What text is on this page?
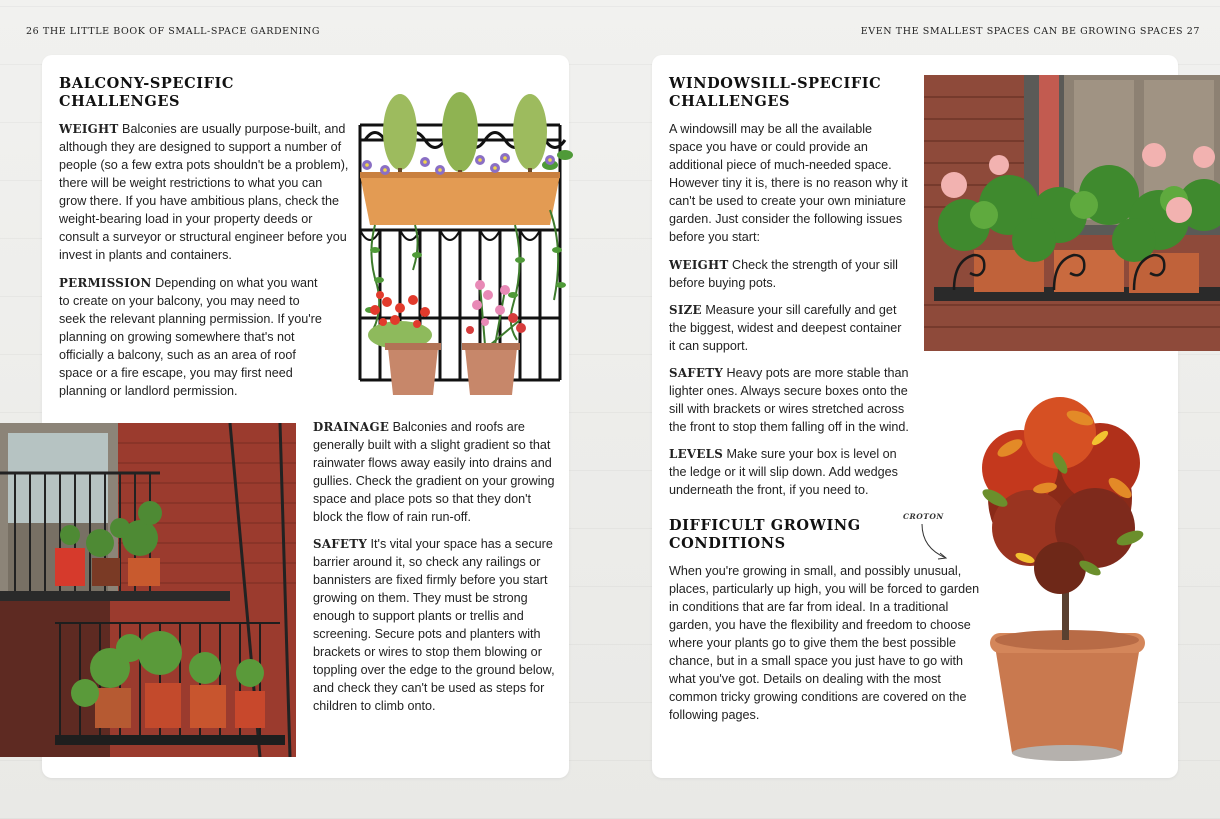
26 THE LITTLE BOOK OF SMALL-SPACE GARDENING	EVEN THE SMALLEST SPACES CAN BE GROWING SPACES 27
BALCONY-SPECIFIC
CHALLENGES

WEIGHT Balconies are usually purpose-built, and although they are designed to support a number of people (so a few extra pots shouldn't be a problem), there will be weight restrictions to what you can grow there. If you have ambitious plans, check the weight-bearing load in your property deeds or consult a surveyor or structural engineer before you invest in plants and containers.

PERMISSION Depending on what you want to create on your balcony, you may need to seek the relevant planning permission. If you're planning on growing somewhere that's not officially a balcony, such as an area of roof space or a fire escape, you may first need planning or landlord permission.

DRAINAGE Balconies and roofs are generally built with a slight gradient so that rainwater flows away easily into drains and gullies. Check the gradient on your growing space and place pots so that they don't block the flow of rain run-off.

SAFETY It's vital your space has a secure barrier around it, so check any railings or bannisters are fixed firmly before you start growing on them. They must be strong enough to support plants or trellis and screening. Secure pots and planters with brackets or wires to stop them blowing or toppling over the edge to the ground below, and check they can't be used as steps for children to climb onto.

WINDOWSILL-SPECIFIC
CHALLENGES
A windowsill may be all the available space you have or could provide an additional piece of much-needed space. However tiny it is, there is no reason why it can't be used to create your own miniature garden. Just consider the following issues before you start:

WEIGHT Check the strength of your sill before buying pots.

SIZE Measure your sill carefully and get the biggest, widest and deepest container it can support.

SAFETY Heavy pots are more stable than lighter ones. Always secure boxes onto the sill with brackets or wires stretched across the front to stop them falling off in the wind.

LEVELS Make sure your box is level on the ledge or it will slip down. Add wedges underneath the front, if you need to.

DIFFICULT GROWING
CONDITIONS
When you're growing in small, and possibly unusual, places, particularly up high, you will be forced to garden in conditions that are far from ideal. In a traditional garden, you have the flexibility and freedom to choose where your plants go to give them the best possible chance, but in a small space you just have to go with what you've got. Details on dealing with the most common tricky growing conditions are covered on the following pages.
CROTON
